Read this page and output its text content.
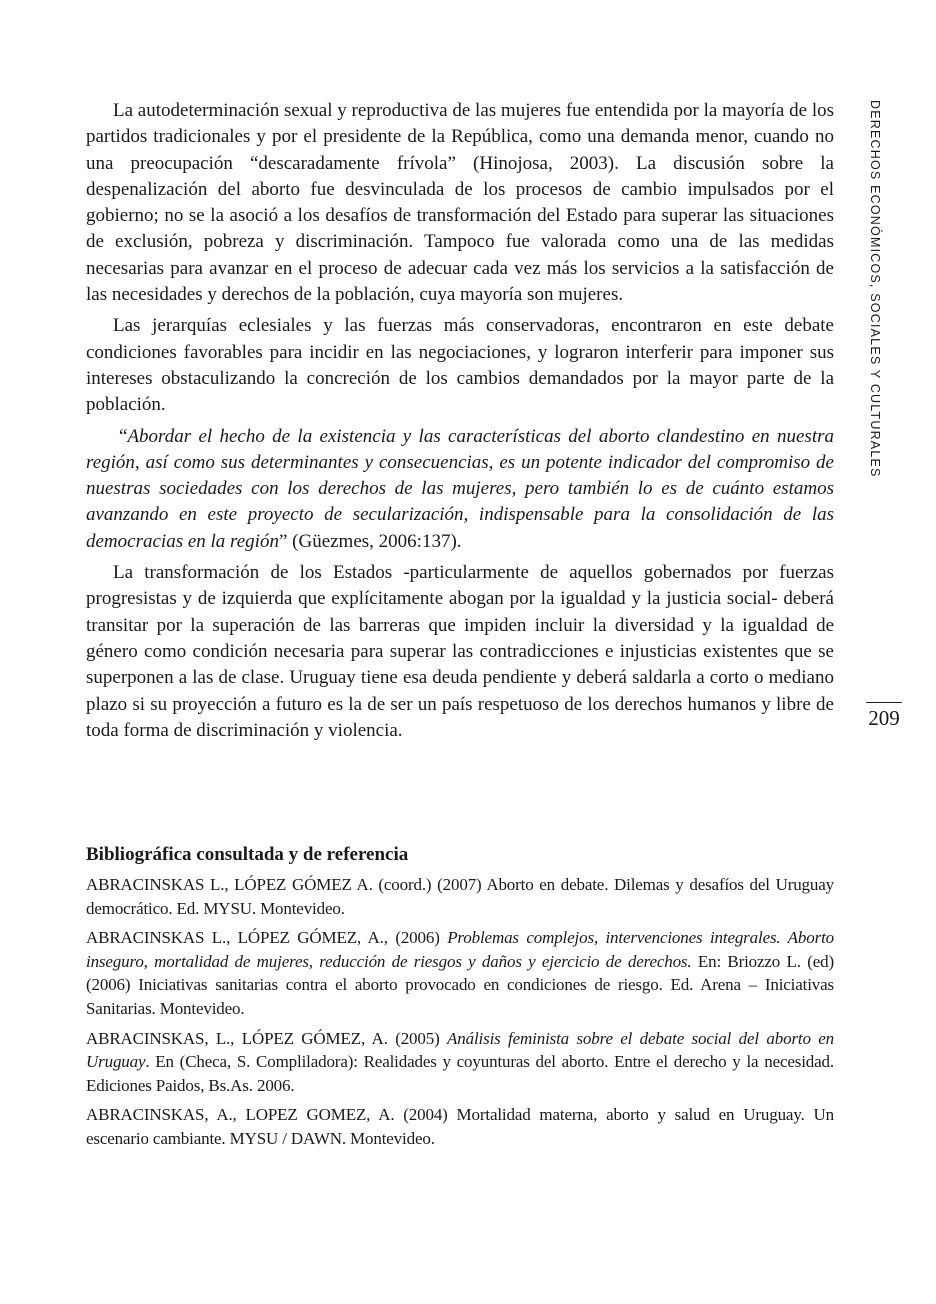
La autodeterminación sexual y reproductiva de las mujeres fue entendida por la mayoría de los partidos tradicionales y por el presidente de la República, como una demanda menor, cuando no una preocupación “descaradamente frívola” (Hinojosa, 2003). La discusión sobre la despenalización del aborto fue desvinculada de los procesos de cambio impulsados por el gobierno; no se la asoció a los desafíos de transformación del Estado para superar las situaciones de exclusión, pobreza y discriminación. Tampoco fue valorada como una de las medidas necesarias para avanzar en el proceso de adecuar cada vez más los servicios a la satisfacción de las necesidades y derechos de la población, cuya mayoría son mujeres.

Las jerarquías eclesiales y las fuerzas más conservadoras, encontraron en este debate condiciones favorables para incidir en las negociaciones, y lograron interferir para imponer sus intereses obstaculizando la concreción de los cambios demandados por la mayor parte de la población.

“Abordar el hecho de la existencia y las características del aborto clandestino en nuestra región, así como sus determinantes y consecuencias, es un potente indicador del compromiso de nuestras sociedades con los derechos de las mujeres, pero también lo es de cuánto estamos avanzando en este proyecto de secularización, indispensable para la consolidación de las democracias en la región” (Güezmes, 2006:137).

La transformación de los Estados -particularmente de aquellos gobernados por fuerzas progresistas y de izquierda que explícitamente abogan por la igualdad y la justicia social- deberá transitar por la superación de las barreras que impiden incluir la diversidad y la igualdad de género como condición necesaria para superar las contradicciones e injusticias existentes que se superponen a las de clase. Uruguay tiene esa deuda pendiente y deberá saldarla a corto o mediano plazo si su proyección a futuro es la de ser un país respetuoso de los derechos humanos y libre de toda forma de discriminación y violencia.

Bibliográfica consultada y de referencia
ABRACINSKAS L., LÓPEZ GÓMEZ A. (coord.) (2007) Aborto en debate. Dilemas y desafíos del Uruguay democrático. Ed. MYSU. Montevideo.
ABRACINSKAS L., LÓPEZ GÓMEZ, A., (2006) Problemas complejos, intervenciones integrales. Aborto inseguro, mortalidad de mujeres, reducción de riesgos y daños y ejercicio de derechos. En: Briozzo L. (ed) (2006) Iniciativas sanitarias contra el aborto provocado en condiciones de riesgo. Ed. Arena – Iniciativas Sanitarias. Montevideo.
ABRACINSKAS, L., LÓPEZ GÓMEZ, A. (2005) Análisis feminista sobre el debate social del aborto en Uruguay. En (Checa, S. Compliladora): Realidades y coyunturas del aborto. Entre el derecho y la necesidad. Ediciones Paidos, Bs.As. 2006.
ABRACINSKAS, A., LOPEZ GOMEZ, A. (2004) Mortalidad materna, aborto y salud en Uruguay. Un escenario cambiante. MYSU / DAWN. Montevideo.
DERECHOS ECONÓMICOS, SOCIALES Y CULTURALES
209
